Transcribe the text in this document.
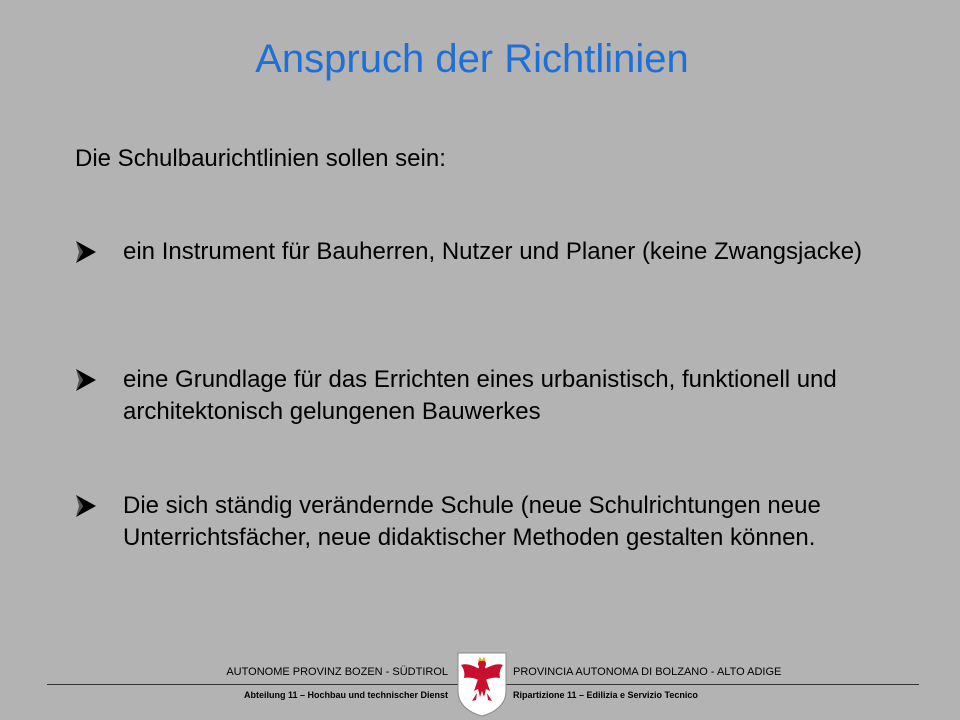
Anspruch der Richtlinien
Die Schulbaurichtlinien sollen sein:
ein Instrument für Bauherren, Nutzer und Planer (keine Zwangsjacke)
eine Grundlage für das Errichten eines urbanistisch, funktionell und architektonisch gelungenen Bauwerkes
Die sich ständig verändernde Schule (neue Schulrichtungen neue Unterrichtsfächer, neue didaktischer Methoden gestalten können.
AUTONOME PROVINZ BOZEN - SÜDTIROL
Abteilung 11 – Hochbau und technischer Dienst
PROVINCIA AUTONOMA DI BOLZANO - ALTO ADIGE
Ripartizione 11 – Edilizia e Servizio Tecnico
